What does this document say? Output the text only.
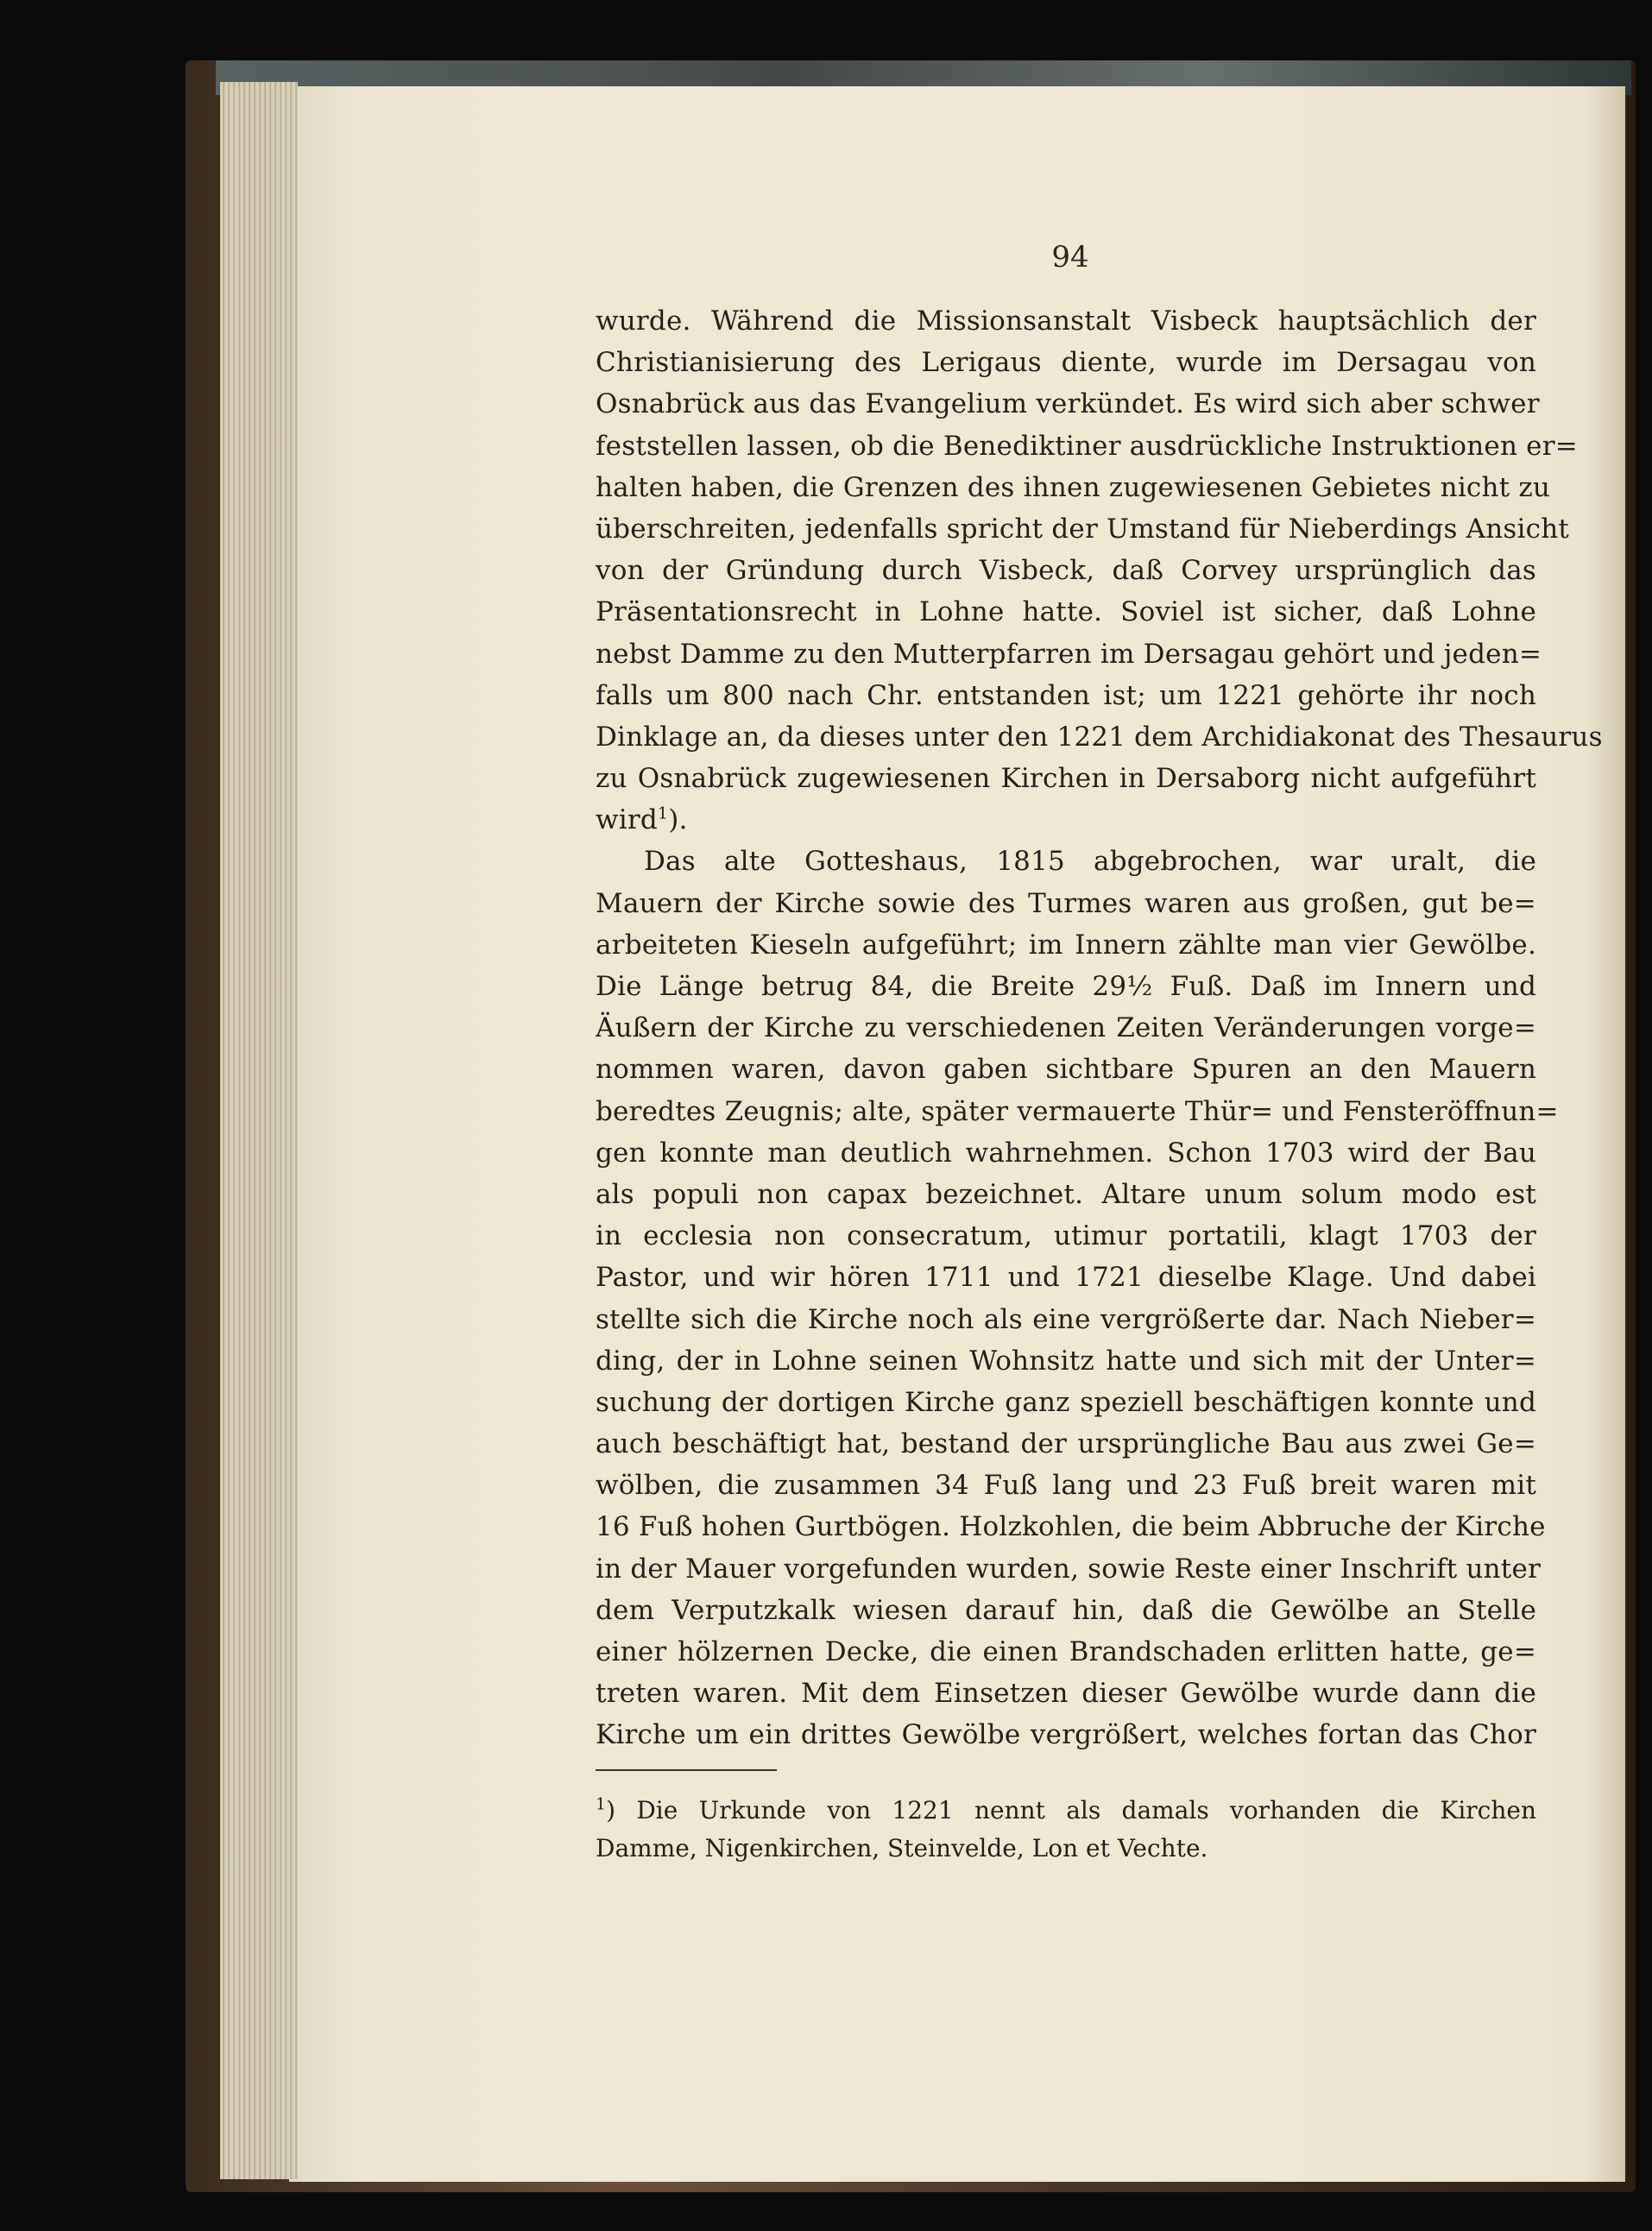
94
wurde. Während die Missionsanstalt Visbeck hauptsächlich der
Christianisierung des Lerigaus diente, wurde im Dersagau von
Osnabrück aus das Evangelium verkündet. Es wird sich aber schwer
feststellen lassen, ob die Benediktiner ausdrückliche Instruktionen er=
halten haben, die Grenzen des ihnen zugewiesenen Gebietes nicht zu
überschreiten, jedenfalls spricht der Umstand für Nieberdings Ansicht
von der Gründung durch Visbeck, daß Corvey ursprünglich das
Präsentationsrecht in Lohne hatte. Soviel ist sicher, daß Lohne
nebst Damme zu den Mutterpfarren im Dersagau gehört und jeden=
falls um 800 nach Chr. entstanden ist; um 1221 gehörte ihr noch
Dinklage an, da dieses unter den 1221 dem Archidiakonat des Thesaurus
zu Osnabrück zugewiesenen Kirchen in Dersaborg nicht aufgeführt
wird$^1$).
Das alte Gotteshaus, 1815 abgebrochen, war uralt, die
Mauern der Kirche sowie des Turmes waren aus großen, gut be=
arbeiteten Kieseln aufgeführt; im Innern zählte man vier Gewölbe.
Die Länge betrug 84, die Breite 29½ Fuß. Daß im Innern und
Äußern der Kirche zu verschiedenen Zeiten Veränderungen vorge=
nommen waren, davon gaben sichtbare Spuren an den Mauern
beredtes Zeugnis; alte, später vermauerte Thür= und Fensteröffnun=
gen konnte man deutlich wahrnehmen. Schon 1703 wird der Bau
als populi non capax bezeichnet. Altare unum solum modo est
in ecclesia non consecratum, utimur portatili, klagt 1703 der
Pastor, und wir hören 1711 und 1721 dieselbe Klage. Und dabei
stellte sich die Kirche noch als eine vergrößerte dar. Nach Nieber=
ding, der in Lohne seinen Wohnsitz hatte und sich mit der Unter=
suchung der dortigen Kirche ganz speziell beschäftigen konnte und
auch beschäftigt hat, bestand der ursprüngliche Bau aus zwei Ge=
wölben, die zusammen 34 Fuß lang und 23 Fuß breit waren mit
16 Fuß hohen Gurtbögen. Holzkohlen, die beim Abbruche der Kirche
in der Mauer vorgefunden wurden, sowie Reste einer Inschrift unter
dem Verputzkalk wiesen darauf hin, daß die Gewölbe an Stelle
einer hölzernen Decke, die einen Brandschaden erlitten hatte, ge=
treten waren. Mit dem Einsetzen dieser Gewölbe wurde dann die
Kirche um ein drittes Gewölbe vergrößert, welches fortan das Chor
$^1$) Die Urkunde von 1221 nennt als damals vorhanden die Kirchen
Damme, Nigenkirchen, Steinvelde, Lon et Vechte.
